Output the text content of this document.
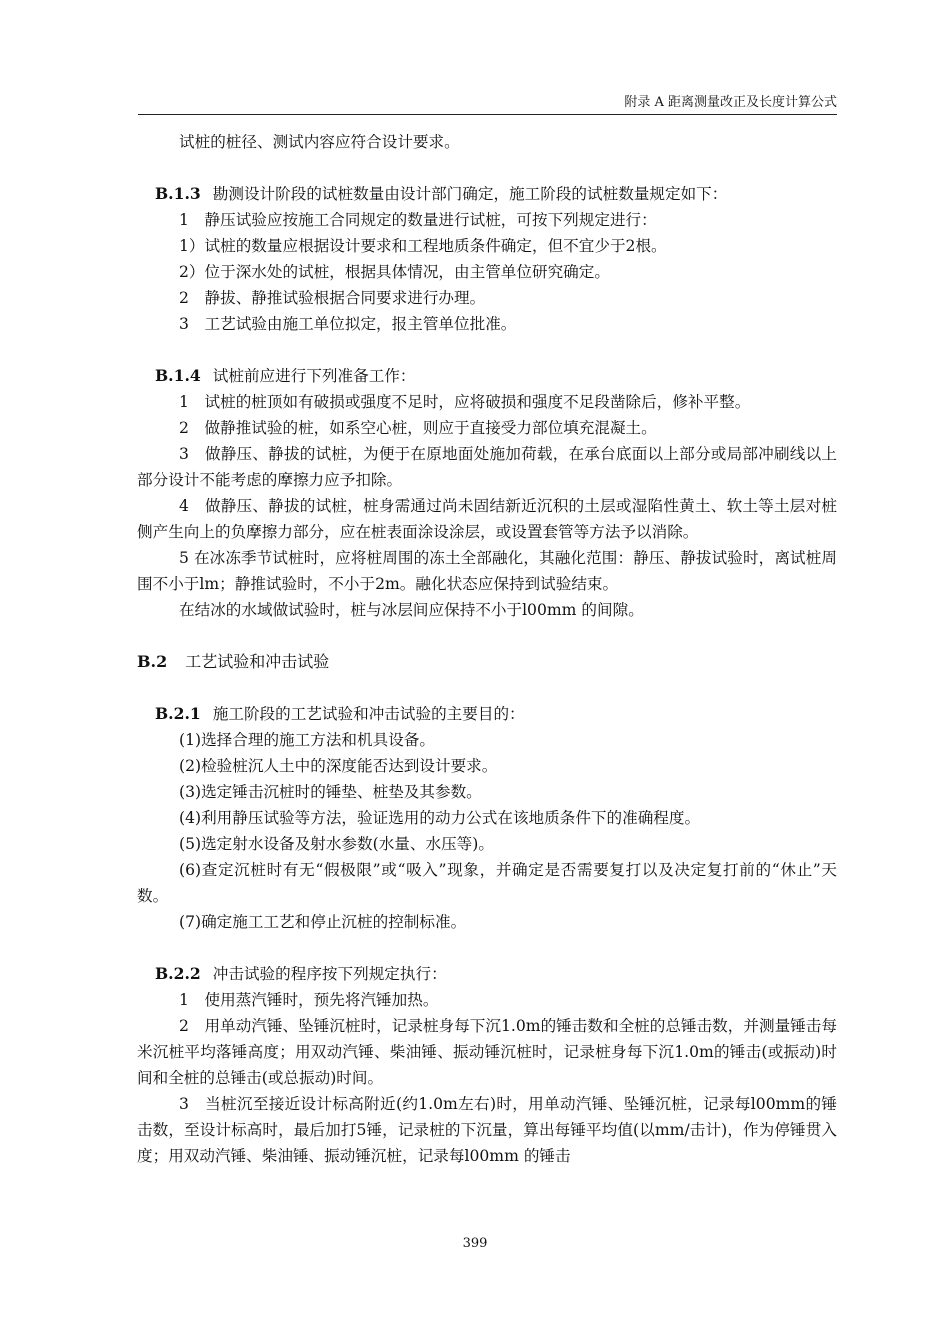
附录 A 距离测量改正及长度计算公式

试桩的桩径、测试内容应符合设计要求。

B.1.3 勘测设计阶段的试桩数量由设计部门确定，施工阶段的试桩数量规定如下：

1　静压试验应按施工合同规定的数量进行试桩，可按下列规定进行：

1）试桩的数量应根据设计要求和工程地质条件确定，但不宜少于2根。

2）位于深水处的试桩，根据具体情况，由主管单位研究确定。

2　静拔、静推试验根据合同要求进行办理。

3　工艺试验由施工单位拟定，报主管单位批准。

B.1.4 试桩前应进行下列准备工作：

1　试桩的桩顶如有破损或强度不足时，应将破损和强度不足段凿除后，修补平整。

2　做静推试验的桩，如系空心桩，则应于直接受力部位填充混凝土。

3　做静压、静拔的试桩，为便于在原地面处施加荷载，在承台底面以上部分或局部冲刷线以上部分设计不能考虑的摩擦力应予扣除。

4　做静压、静拔的试桩，桩身需通过尚未固结新近沉积的土层或湿陷性黄土、软土等土层对桩侧产生向上的负摩擦力部分，应在桩表面涂设涂层，或设置套管等方法予以消除。

5 在冰冻季节试桩时，应将桩周围的冻土全部融化，其融化范围：静压、静拔试验时，离试桩周围不小于lm；静推试验时，不小于2m。融化状态应保持到试验结束。

在结冰的水域做试验时，桩与冰层间应保持不小于l00mm 的间隙。

B.2 工艺试验和冲击试验

B.2.1 施工阶段的工艺试验和冲击试验的主要目的：

(1)选择合理的施工方法和机具设备。

(2)检验桩沉人土中的深度能否达到设计要求。

(3)选定锤击沉桩时的锤垫、桩垫及其参数。

(4)利用静压试验等方法，验证选用的动力公式在该地质条件下的准确程度。

(5)选定射水设备及射水参数(水量、水压等)。

(6)查定沉桩时有无“假极限”或“吸入”现象，并确定是否需要复打以及决定复打前的“休止”天数。

(7)确定施工工艺和停止沉桩的控制标准。

B.2.2 冲击试验的程序按下列规定执行：

1　使用蒸汽锤时，预先将汽锤加热。

2　用单动汽锤、坠锤沉桩时，记录桩身每下沉1.0m的锤击数和全桩的总锤击数，并测量锤击每米沉桩平均落锤高度；用双动汽锤、柴油锤、振动锤沉桩时，记录桩身每下沉1.0m的锤击(或振动)时间和全桩的总锤击(或总振动)时间。

3　当桩沉至接近设计标高附近(约1.0m左右)时，用单动汽锤、坠锤沉桩，记录每l00mm的锤击数，至设计标高时，最后加打5锤，记录桩的下沉量，算出每锤平均值(以mm/击计)，作为停锤贯入度；用双动汽锤、柴油锤、振动锤沉桩，记录每l00mm 的锤击

399
